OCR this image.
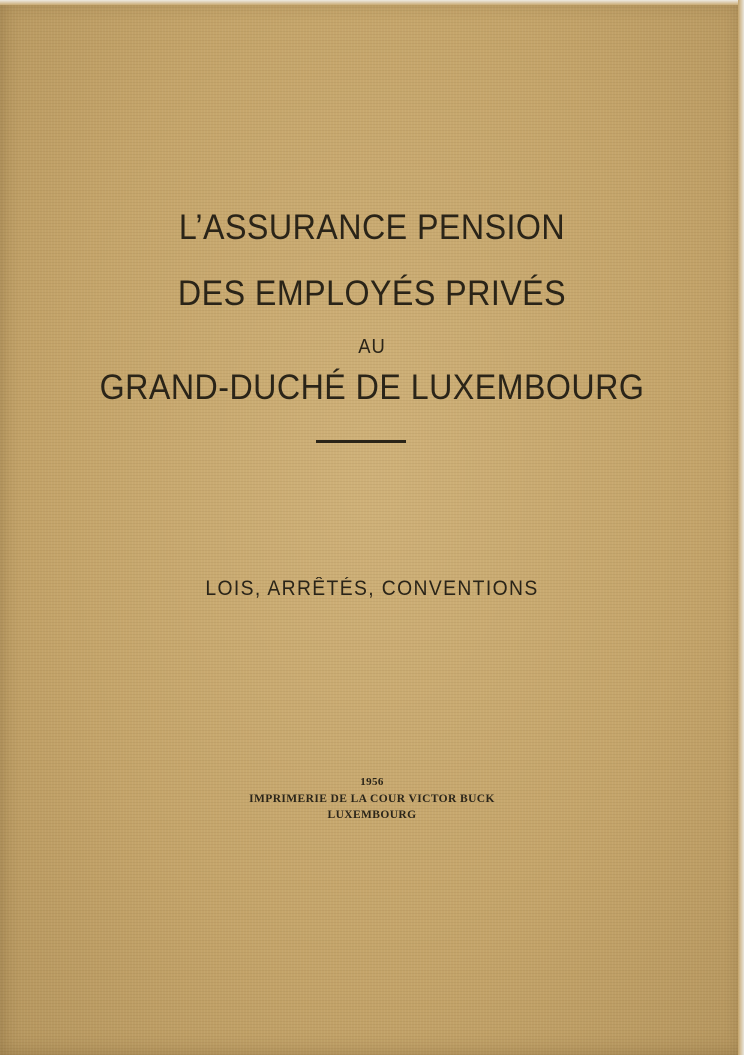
L’ASSURANCE PENSION

DES EMPLOYÉS PRIVÉS

AU

GRAND-DUCHÉ DE LUXEMBOURG

LOIS, ARRÊTÉS, CONVENTIONS

1956

IMPRIMERIE DE LA COUR VICTOR BUCK

LUXEMBOURG
